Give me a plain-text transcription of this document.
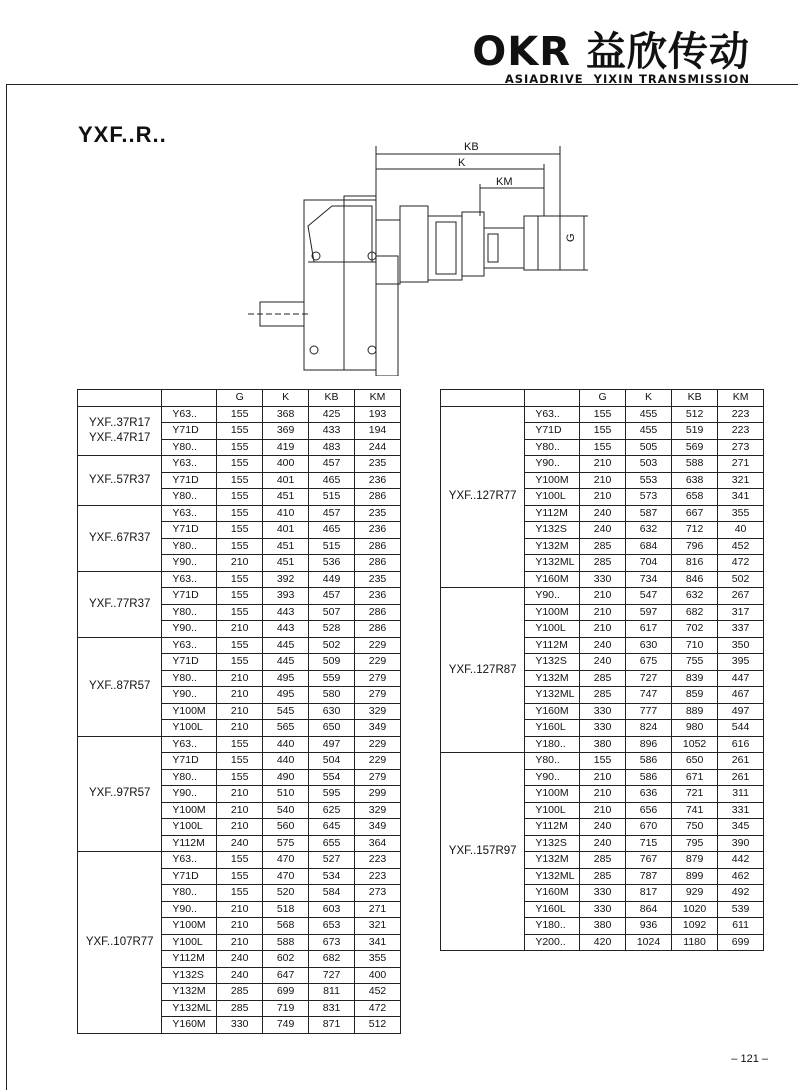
OKR 益欣传动
ASIADRIVE YIXIN TRANSMISSION
YXF..R..	KB
K
KM
G
		G	K	KB	KM
YXF..37R17
YXF..47R17	Y63..	155	368	425	193
	Y71D	155	369	433	194
	Y80..	155	419	483	244
YXF..57R37	Y63..	155	400	457	235
	Y71D	155	401	465	236
	Y80..	155	451	515	286
YXF..67R37	Y63..	155	410	457	235
	Y71D	155	401	465	236
	Y80..	155	451	515	286
	Y90..	210	451	536	286
YXF..77R37	Y63..	155	392	449	235
	Y71D	155	393	457	236
	Y80..	155	443	507	286
	Y90..	210	443	528	286
YXF..87R57	Y63..	155	445	502	229
	Y71D	155	445	509	229
	Y80..	210	495	559	279
	Y90..	210	495	580	279
	Y100M	210	545	630	329
	Y100L	210	565	650	349
YXF..97R57	Y63..	155	440	497	229
	Y71D	155	440	504	229
	Y80..	155	490	554	279
	Y90..	210	510	595	299
	Y100M	210	540	625	329
	Y100L	210	560	645	349
	Y112M	240	575	655	364
YXF..107R77	Y63..	155	470	527	223
	Y71D	155	470	534	223
	Y80..	155	520	584	273
	Y90..	210	518	603	271
	Y100M	210	568	653	321
	Y100L	210	588	673	341
	Y112M	240	602	682	355
	Y132S	240	647	727	400
	Y132M	285	699	811	452
	Y132ML	285	719	831	472
	Y160M	330	749	871	512
		G	K	KB	KM
YXF..127R77	Y63..	155	455	512	223
	Y71D	155	455	519	223
	Y80..	155	505	569	273
	Y90..	210	503	588	271
	Y100M	210	553	638	321
	Y100L	210	573	658	341
	Y112M	240	587	667	355
	Y132S	240	632	712	40
	Y132M	285	684	796	452
	Y132ML	285	704	816	472
	Y160M	330	734	846	502
YXF..127R87	Y90..	210	547	632	267
	Y100M	210	597	682	317
	Y100L	210	617	702	337
	Y112M	240	630	710	350
	Y132S	240	675	755	395
	Y132M	285	727	839	447
	Y132ML	285	747	859	467
	Y160M	330	777	889	497
	Y160L	330	824	980	544
	Y180..	380	896	1052	616
YXF..157R97	Y80..	155	586	650	261
	Y90..	210	586	671	261
	Y100M	210	636	721	311
	Y100L	210	656	741	331
	Y112M	240	670	750	345
	Y132S	240	715	795	390
	Y132M	285	767	879	442
	Y132ML	285	787	899	462
	Y160M	330	817	929	492
	Y160L	330	864	1020	539
	Y180..	380	936	1092	611
	Y200..	420	1024	1180	699
– 121 –
